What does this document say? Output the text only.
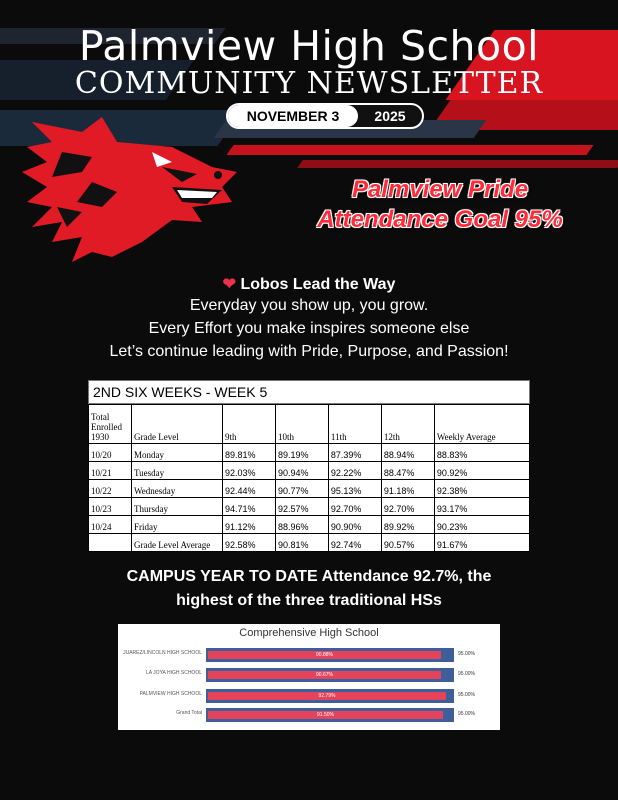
Palmview High School
COMMUNITY NEWSLETTER
NOVEMBER 3	2025
Palmview Pride
Attendance Goal 95%
❤ Lobos Lead the Way
Everyday you show up, you grow.
Every Effort you make inspires someone else
Let’s continue leading with Pride, Purpose, and Passion!
2ND SIX WEEKS - WEEK 5
Total Enrolled 1930	Grade Level	9th	10th	11th	12th	Weekly Average
10/20	Monday	89.81%	89.19%	87.39%	88.94%	88.83%
10/21	Tuesday	92.03%	90.94%	92.22%	88.47%	90.92%
10/22	Wednesday	92.44%	90.77%	95.13%	91.18%	92.38%
10/23	Thursday	94.71%	92.57%	92.70%	92.70%	93.17%
10/24	Friday	91.12%	88.96%	90.90%	89.92%	90.23%
	Grade Level Average	92.58%	90.81%	92.74%	90.57%	91.67%
CAMPUS YEAR TO DATE Attendance 92.7%, the
highest of the three traditional HSs
Comprehensive High School
JUAREZ/LINCOLN HIGH SCHOOL	90.88%	95.00%
LA JOYA HIGH SCHOOL	90.67%	95.00%
PALMVIEW HIGH SCHOOL	92.79%	95.00%
Grand Total	91.50%	95.00%
